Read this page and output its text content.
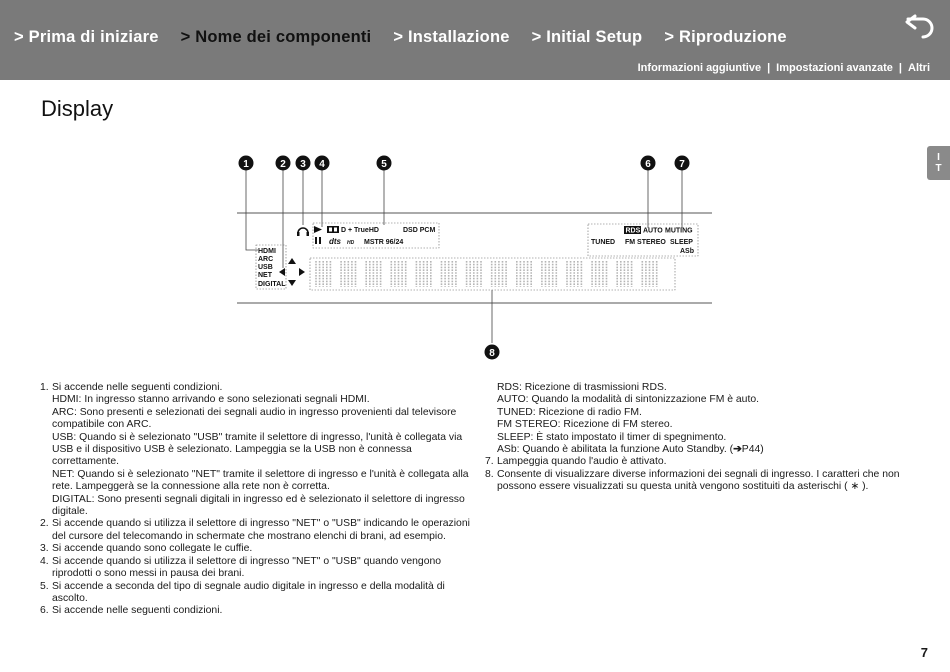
> Prima di iniziare > Nome dei componenti > Installazione > Initial Setup > Riproduzione
Informazioni aggiuntive | Impostazioni avanzate | Altri
Display
I
T
1	2 3 4	5	6	7
8
HDMI
ARC
USB
NET
DIGITAL
D + TrueHD	DSD PCM
dts HD MSTR 96/24
RDS AUTO MUTING
TUNED FM STEREO SLEEP
ASb
1. Si accende nelle seguenti condizioni.
HDMI: In ingresso stanno arrivando e sono selezionati segnali HDMI.
ARC: Sono presenti e selezionati dei segnali audio in ingresso provenienti dal televisore compatibile con ARC.
USB: Quando si è selezionato "USB" tramite il selettore di ingresso, l'unità è collegata via USB e il dispositivo USB è selezionato. Lampeggia se la USB non è connessa correttamente.
NET: Quando si è selezionato "NET" tramite il selettore di ingresso e l'unità è collegata alla rete. Lampeggerà se la connessione alla rete non è corretta.
DIGITAL: Sono presenti segnali digitali in ingresso ed è selezionato il selettore di ingresso digitale.
2. Si accende quando si utilizza il selettore di ingresso "NET" o "USB" indicando le operazioni del cursore del telecomando in schermate che mostrano elenchi di brani, ad esempio.
3. Si accende quando sono collegate le cuffie.
4. Si accende quando si utilizza il selettore di ingresso "NET" o "USB" quando vengono riprodotti o sono messi in pausa dei brani.
5. Si accende a seconda del tipo di segnale audio digitale in ingresso e della modalità di ascolto.
6. Si accende nelle seguenti condizioni.
RDS: Ricezione di trasmissioni RDS.
AUTO: Quando la modalità di sintonizzazione FM è auto.
TUNED: Ricezione di radio FM.
FM STEREO: Ricezione di FM stereo.
SLEEP: È stato impostato il timer di spegnimento.
ASb: Quando è abilitata la funzione Auto Standby. (➔P44)
7. Lampeggia quando l'audio è attivato.
8. Consente di visualizzare diverse informazioni dei segnali di ingresso. I caratteri che non possono essere visualizzati su questa unità vengono sostituiti da asterischi ( ∗ ).
7
